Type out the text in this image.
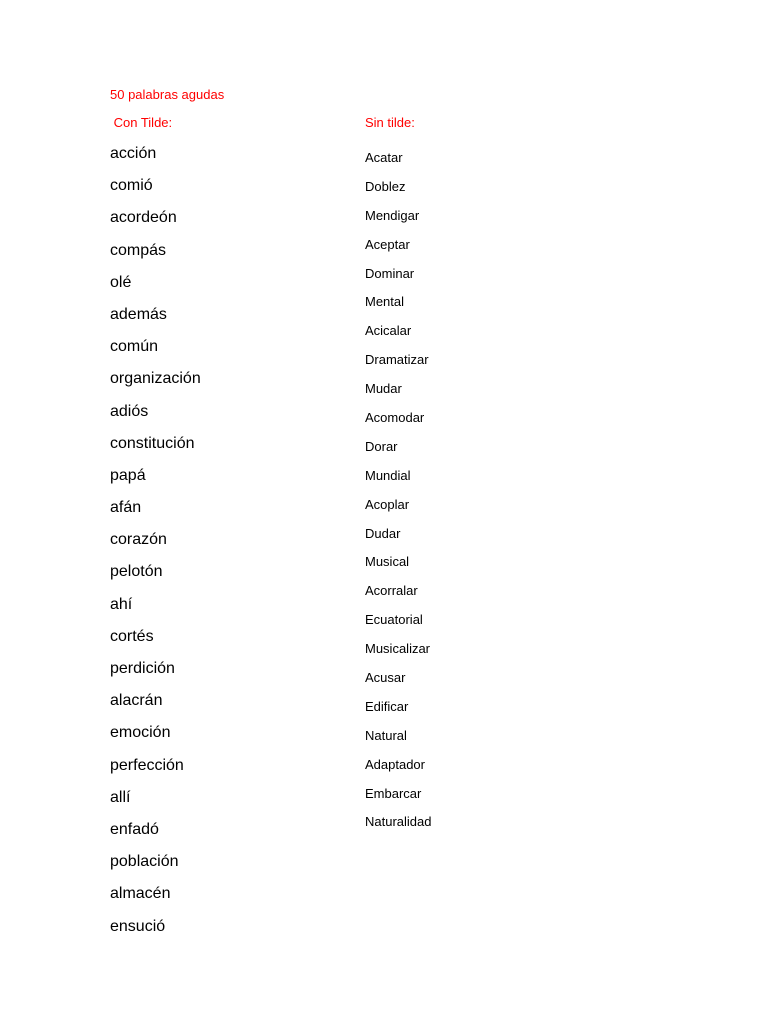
50 palabras agudas
Con Tilde:	Sin tilde:
acción
comió
acordeón
compás
olé
además
común
organización
adiós
constitución
papá
afán
corazón
pelotón
ahí
cortés
perdición
alacrán
emoción
perfección
allí
enfadó
población
almacén
ensució
Acatar
Doblez
Mendigar
Aceptar
Dominar
Mental
Acicalar
Dramatizar
Mudar
Acomodar
Dorar
Mundial
Acoplar
Dudar
Musical
Acorralar
Ecuatorial
Musicalizar
Acusar
Edificar
Natural
Adaptador
Embarcar
Naturalidad
